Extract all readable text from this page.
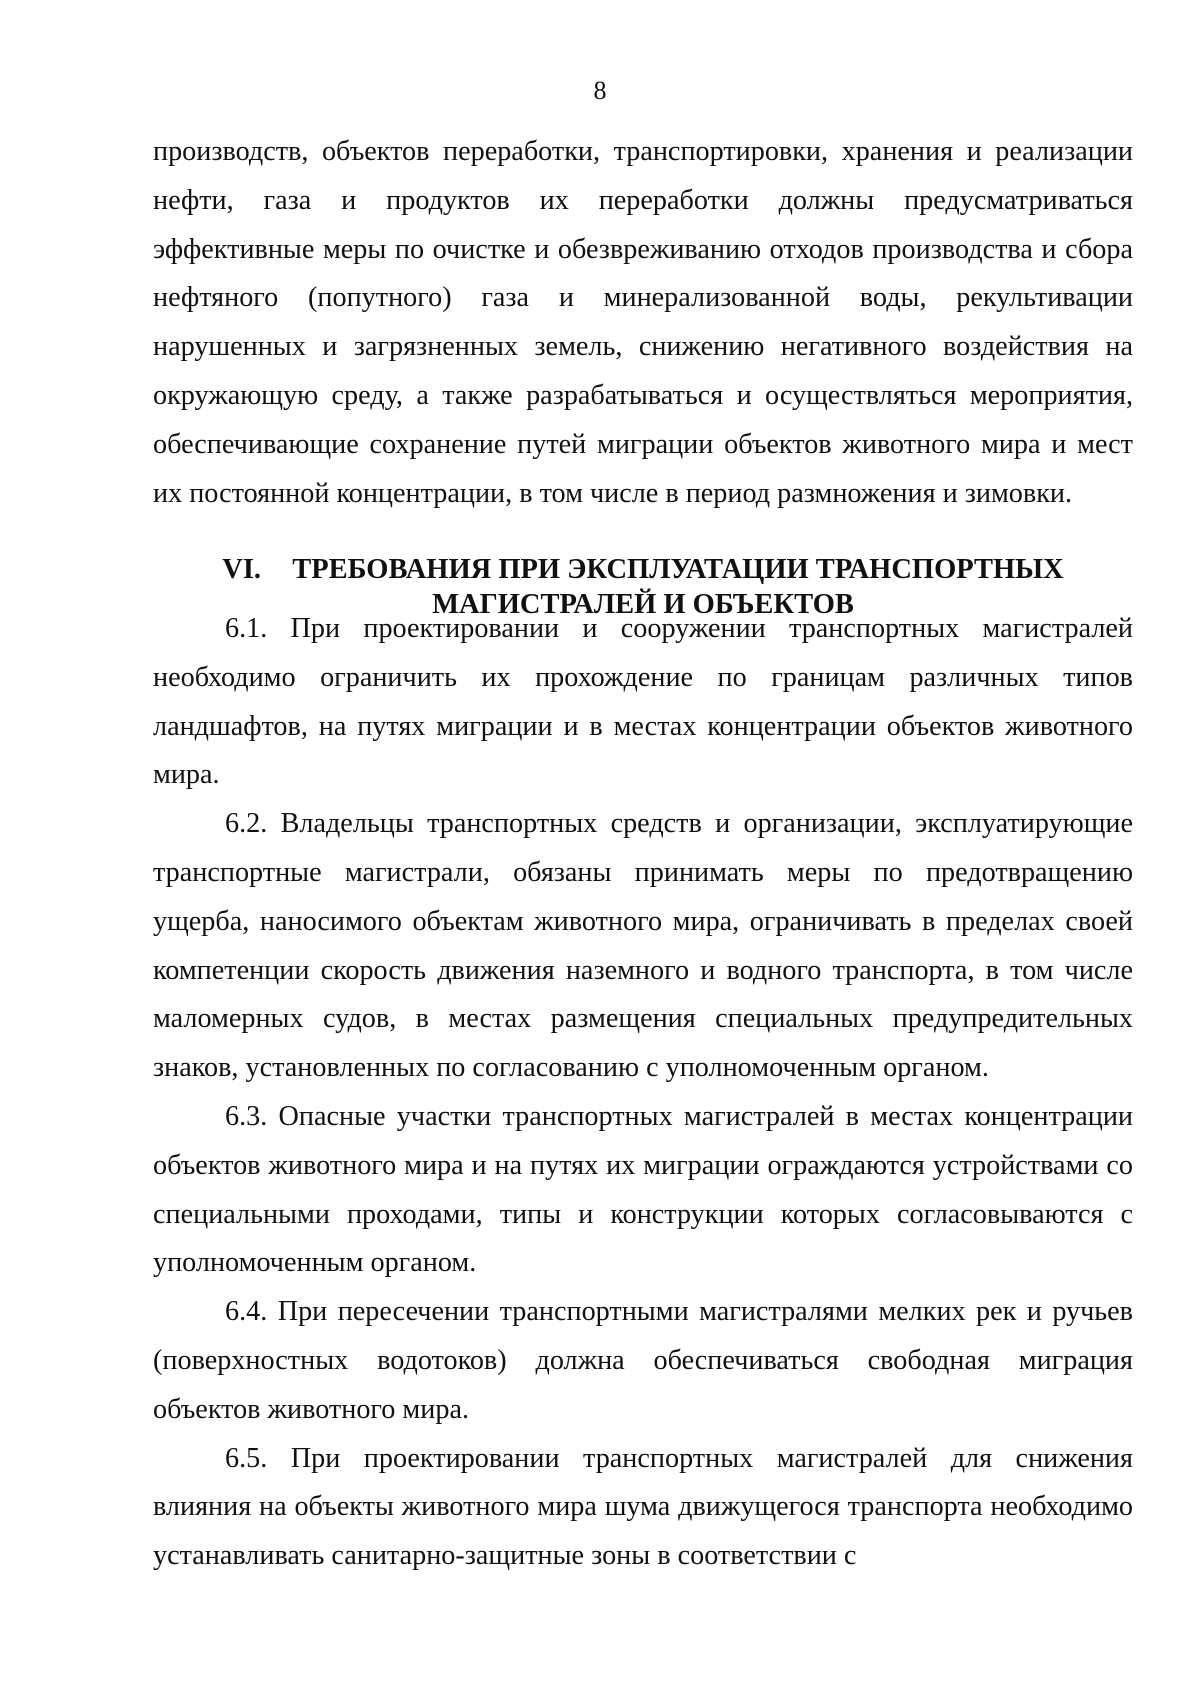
8

производств, объектов переработки, транспортировки, хранения и реализации нефти, газа и продуктов их переработки должны предусматриваться эффективные меры по очистке и обезвреживанию отходов производства и сбора нефтяного (попутного) газа и минерализованной воды, рекультивации нарушенных и загрязненных земель, снижению негативного воздействия на окружающую среду, а также разрабатываться и осуществляться мероприятия, обеспечивающие сохранение путей миграции объектов животного мира и мест их постоянной концентрации, в том числе в период размножения и зимовки.

VI. ТРЕБОВАНИЯ ПРИ ЭКСПЛУАТАЦИИ ТРАНСПОРТНЫХ
МАГИСТРАЛЕЙ И ОБЪЕКТОВ

6.1. При проектировании и сооружении транспортных магистралей необходимо ограничить их прохождение по границам различных типов ландшафтов, на путях миграции и в местах концентрации объектов животного мира.

6.2. Владельцы транспортных средств и организации, эксплуатирующие транспортные магистрали, обязаны принимать меры по предотвращению ущерба, наносимого объектам животного мира, ограничивать в пределах своей компетенции скорость движения наземного и водного транспорта, в том числе маломерных судов, в местах размещения специальных предупредительных знаков, установленных по согласованию с уполномоченным органом.

6.3. Опасные участки транспортных магистралей в местах концентрации объектов животного мира и на путях их миграции ограждаются устройствами со специальными проходами, типы и конструкции которых согласовываются с уполномоченным органом.

6.4. При пересечении транспортными магистралями мелких рек и ручьев (поверхностных водотоков) должна обеспечиваться свободная миграция объектов животного мира.

6.5. При проектировании транспортных магистралей для снижения влияния на объекты животного мира шума движущегося транспорта необходимо устанавливать санитарно-защитные зоны в соответствии с
